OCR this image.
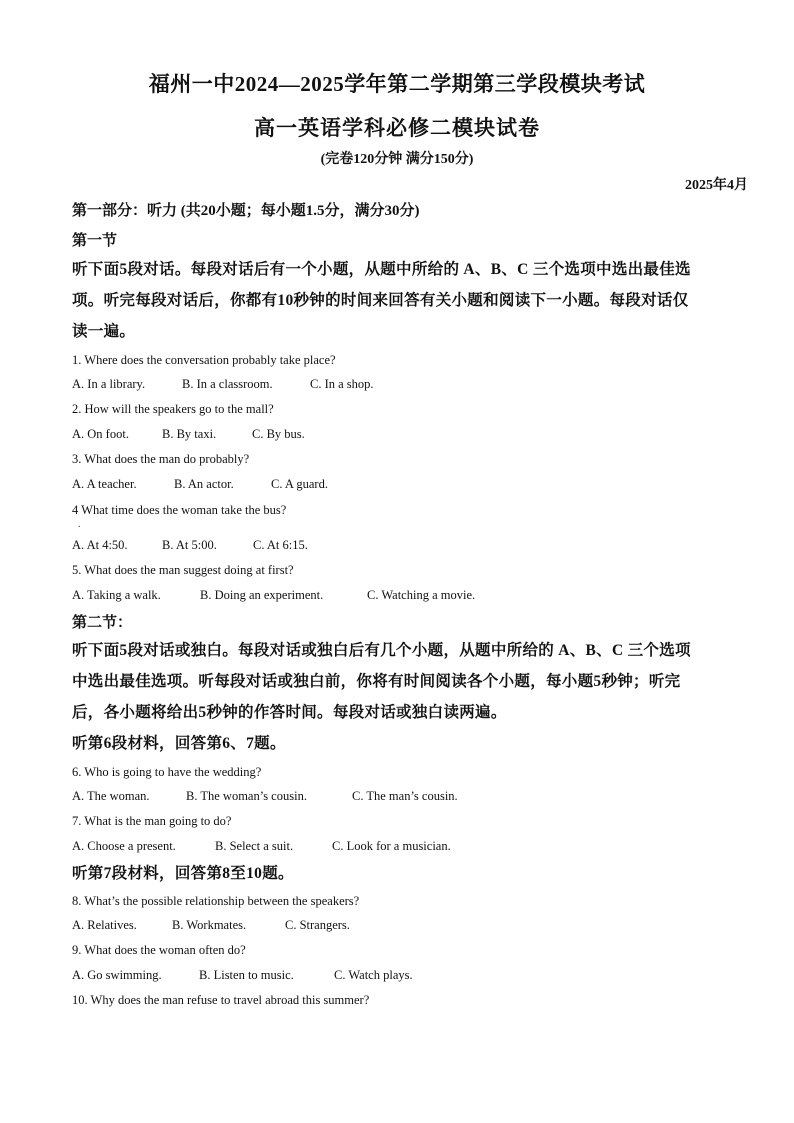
福州一中2024—2025学年第二学期第三学段模块考试
高一英语学科必修二模块试卷
(完卷120分钟 满分150分)
2025年4月
第一部分：听力 (共20小题；每小题1.5分，满分30分)
第一节
听下面5段对话。每段对话后有一个小题，从题中所给的 A、B、C 三个选项中选出最佳选
项。听完每段对话后，你都有10秒钟的时间来回答有关小题和阅读下一小题。每段对话仅
读一遍。
1. Where does the conversation probably take place?
A. In a library.	B. In a classroom.	C. In a shop.
2. How will the speakers go to the mall?
A. On foot.	B. By taxi.	C. By bus.
3. What does the man do probably?
A. A teacher.	B. An actor.	C. A guard.
4 What time does the woman take the bus?
.
A. At 4:50.	B. At 5:00.	C. At 6:15.
5. What does the man suggest doing at first?
A. Taking a walk.	B. Doing an experiment.	C. Watching a movie.
第二节：
听下面5段对话或独白。每段对话或独白后有几个小题，从题中所给的 A、B、C 三个选项
中选出最佳选项。听每段对话或独白前，你将有时间阅读各个小题，每小题5秒钟；听完
后，各小题将给出5秒钟的作答时间。每段对话或独白读两遍。
听第6段材料，回答第6、7题。
6. Who is going to have the wedding?
A. The woman.	B. The woman’s cousin.	C. The man’s cousin.
7. What is the man going to do?
A. Choose a present.	B. Select a suit.	C. Look for a musician.
听第7段材料，回答第8至10题。
8. What’s the possible relationship between the speakers?
A. Relatives.	B. Workmates.	C. Strangers.
9. What does the woman often do?
A. Go swimming.	B. Listen to music.	C. Watch plays.
10. Why does the man refuse to travel abroad this summer?
